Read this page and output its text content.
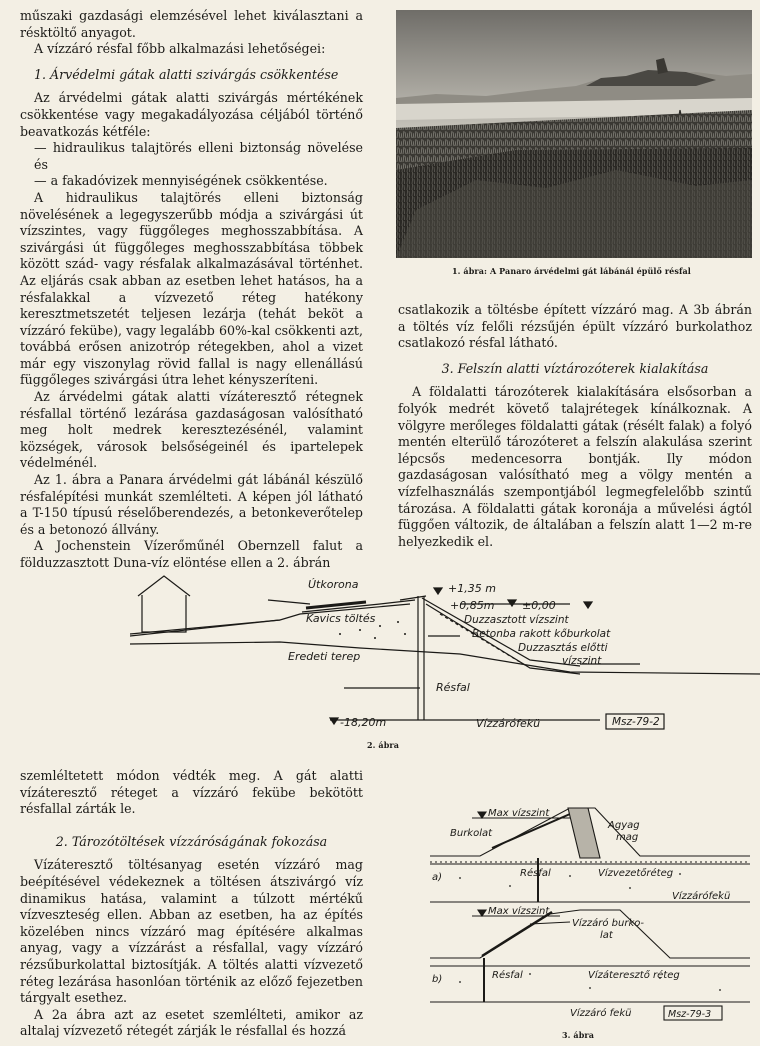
műszaki gazdasági elemzésével lehet kiválasztani a résktöltő anyagot.

A vízzáró résfal főbb alkalmazási lehetőségei:

1. Árvédelmi gátak alatti szivárgás csökkentése

Az árvédelmi gátak alatti szivárgás mértékének csökkentése vagy megakadályozása céljából történő beavatkozás kétféle:

— hidraulikus talajtörés elleni biztonság növelése és

— a fakadóvizek mennyiségének csökkentése.

A hidraulikus talajtörés elleni biztonság növelésének a legegyszerűbb módja a szivárgási út vízszintes, vagy függőleges meghosszabbítása. A szivárgási út függőleges meghosszabbítása többek között szád- vagy résfalak alkalmazásával történhet. Az eljárás csak abban az esetben lehet hatásos, ha a résfalakkal a vízvezető réteg hatékony keresztmetszetét teljesen lezárja (tehát beköt a vízzáró fekübe), vagy legalább 60%-kal csökkenti azt, továbbá erősen anizotróp rétegekben, ahol a vizet már egy viszonylag rövid fallal is nagy ellenállású függőleges szivárgási útra lehet kényszeríteni.

Az árvédelmi gátak alatti vízáteresztő rétegnek résfallal történő lezárása gazdaságosan valósítható meg holt medrek keresztezésénél, valamint községek, városok belsőségeinél és ipartelepek védelménél.

Az 1. ábra a Panara árvédelmi gát lábánál készülő résfalépítési munkát szemlélteti. A képen jól látható a T-150 típusú réselőberendezés, a betonkeverőtelep és a betonozó állvány.

A Jochenstein Vízerőműnél Obernzell falut a földuzzasztott Duna-víz elöntése ellen a 2. ábrán

1. ábra: A Panaro árvédelmi gát lábánál épülő résfal

csatlakozik a töltésbe épített vízzáró mag. A 3b ábrán a töltés víz felőli rézsűjén épült vízzáró burkolathoz csatlakozó résfal látható.

3. Felszín alatti víztározóterek kialakítása

A földalatti tározóterek kialakítására elsősorban a folyók medrét követő talajrétegek kínálkoznak. A völgyre merőleges földalatti gátak (résélt falak) a folyó mentén elterülő tározóteret a felszín alakulása szerint lépcsős medencesorra bontják. Ily módon gazdaságosan valósítható meg a völgy mentén a vízfelhasználás szempontjából legmegfelelőbb szintű tározása. A földalatti gátak koronája a művelési ágtól függően változik, de általában a felszín alatt 1—2 m-re helyezkedik el.

Útkorona	+1,35 m
+0,85m	±0,00
Kavics töltés	Duzzasztott vízszint
Betonba rakott kőburkolat
Duzzasztás előtti
vízszint
Eredeti terep
Résfal
-18,20m	Vízzárófekü	Msz-79-2
2. ábra

szemléltetett módon védték meg. A gát alatti vízáteresztő réteget a vízzáró fekübe bekötött résfallal zárták le.

2. Tározótöltések vízzáróságának fokozása

Vízáteresztő töltésanyag esetén vízzáró mag beépítésével védekeznek a töltésen átszivárgó víz dinamikus hatása, valamint a túlzott mértékű vízveszteség ellen. Abban az esetben, ha az építés közelében nincs vízzáró mag építésére alkalmas anyag, vagy a vízzárást a résfallal, vagy vízzáró rézsűburkolattal biztosítják. A töltés alatti vízvezető réteg lezárása hasonlóan történik az előző fejezetben tárgyalt esethez.

A 2a ábra azt az esetet szemlélteti, amikor az altalaj vízvezető rétegét zárják le résfallal és hozzá

Max vízszint
Burkolat
Agyag
mag
a)	Résfal	Vízvezetőréteg
Vízzárófekü
Max vízszint
Vízzáró burko-
lat
b)	Résfal	Vízáteresztő réteg
Vízzáró fekü	Msz-79-3
3. ábra
